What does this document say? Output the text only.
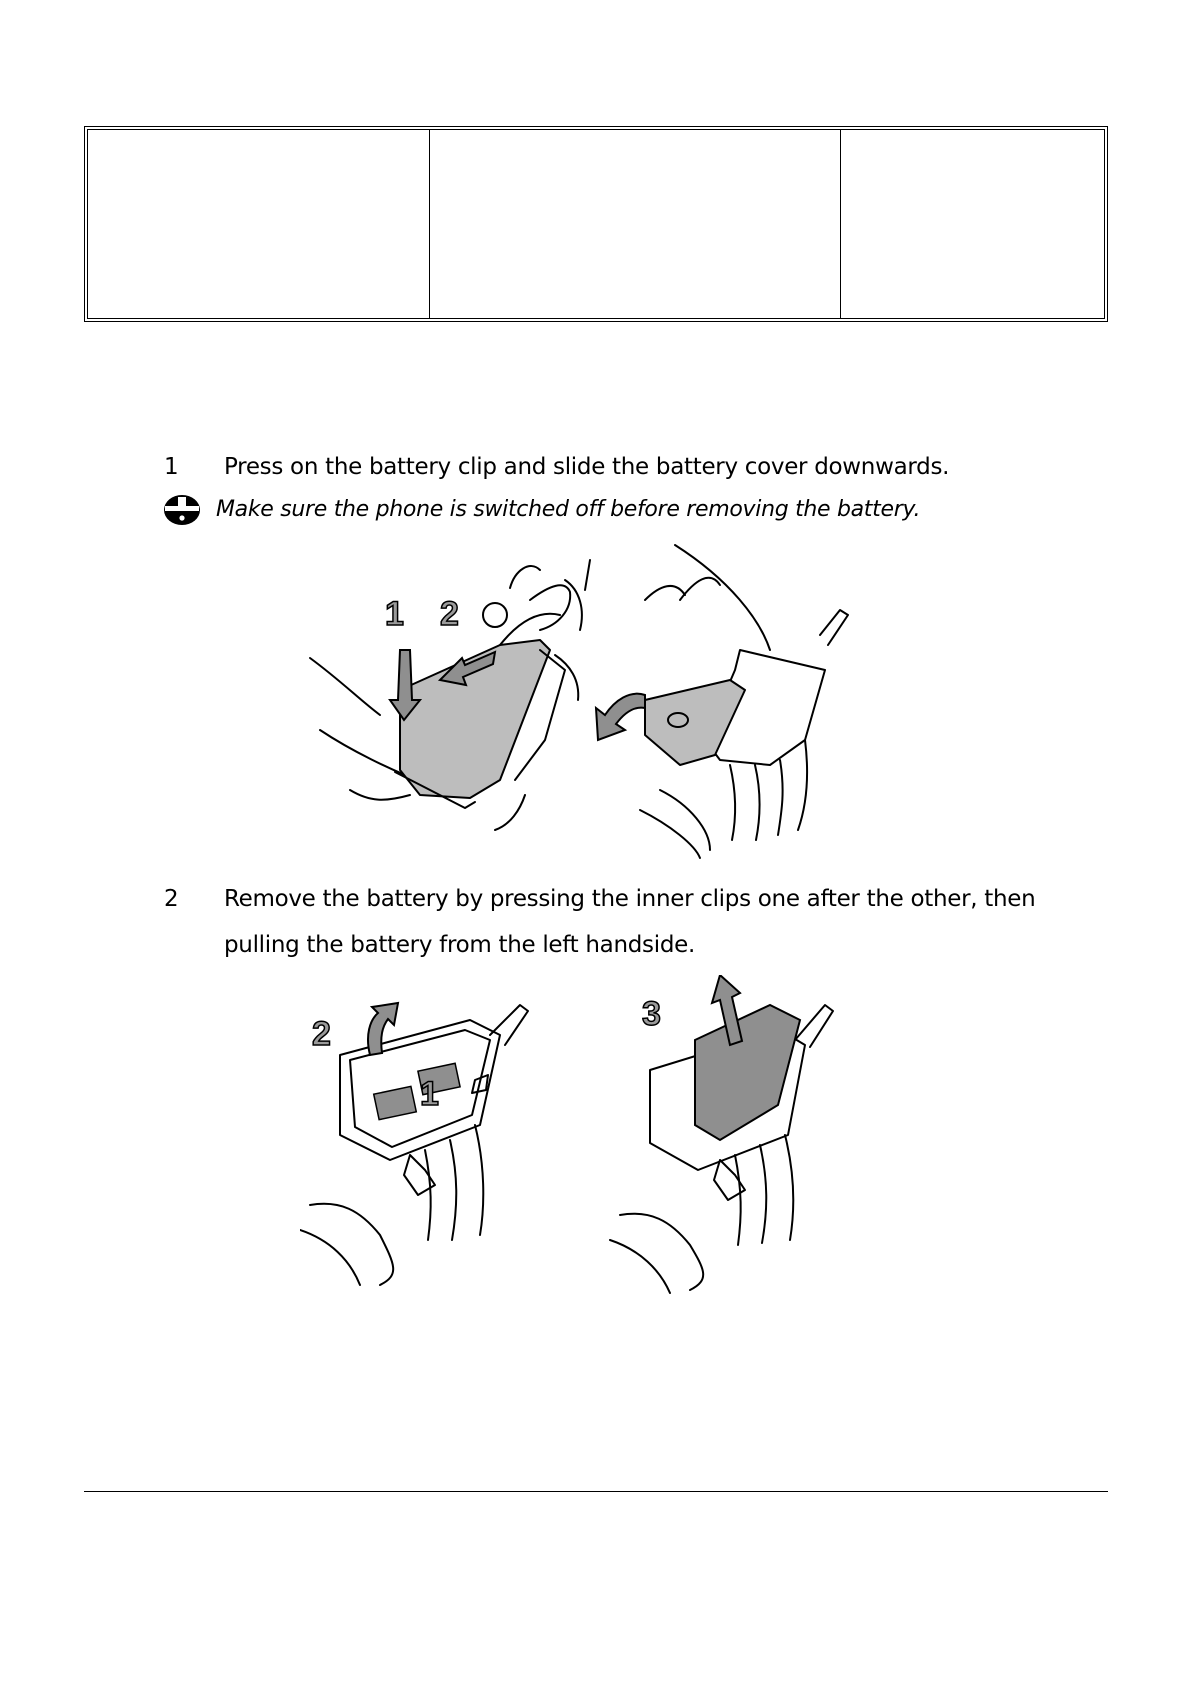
1 Press on the battery clip and slide the battery cover downwards.
Make sure the phone is switched off before removing the battery.
1 2
2 Remove the battery by pressing the inner clips one after the other, then pulling the battery from the left handside.
2
1
3
